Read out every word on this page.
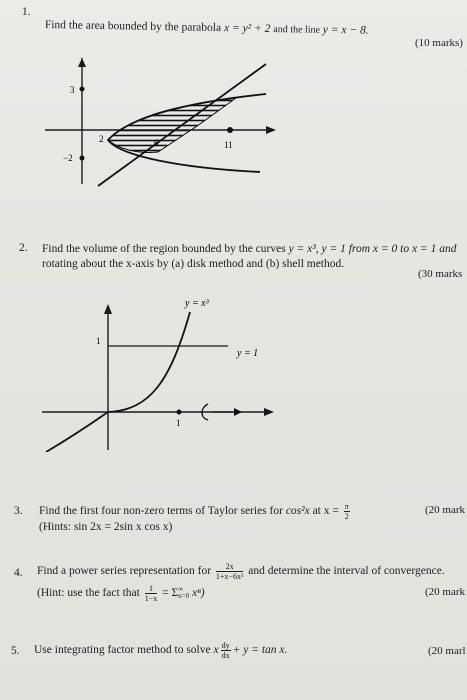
1.
Find the area bounded by the parabola x = y² + 2 and the line y = x − 8.
(10 marks)
3
−2
2	6	11
2. Find the volume of the region bounded by the curves y = x³, y = 1 from x = 0 to x = 1 and
rotating about the x-axis by (a) disk method and (b) shell method.
(30 marks
y = x³
y = 1
1
1
3. Find the first four non-zero terms of Taylor series for cos²x at $x = \frac{\pi}{2}$
(Hints: sin 2x = 2sin x cos x)
(20 mark
4. Find a power series representation for $\frac{2x}{\text{1+x−6x²}}$ and determine the interval of convergence.
(Hint: use the fact that $\frac{1}{1-x} = \Sigma$ ∞
n=0 xⁿ)	(20 mark
5. Use integrating factor method to solve x $\frac{dy}{dx} + y = \tan x$.	(20 marl
